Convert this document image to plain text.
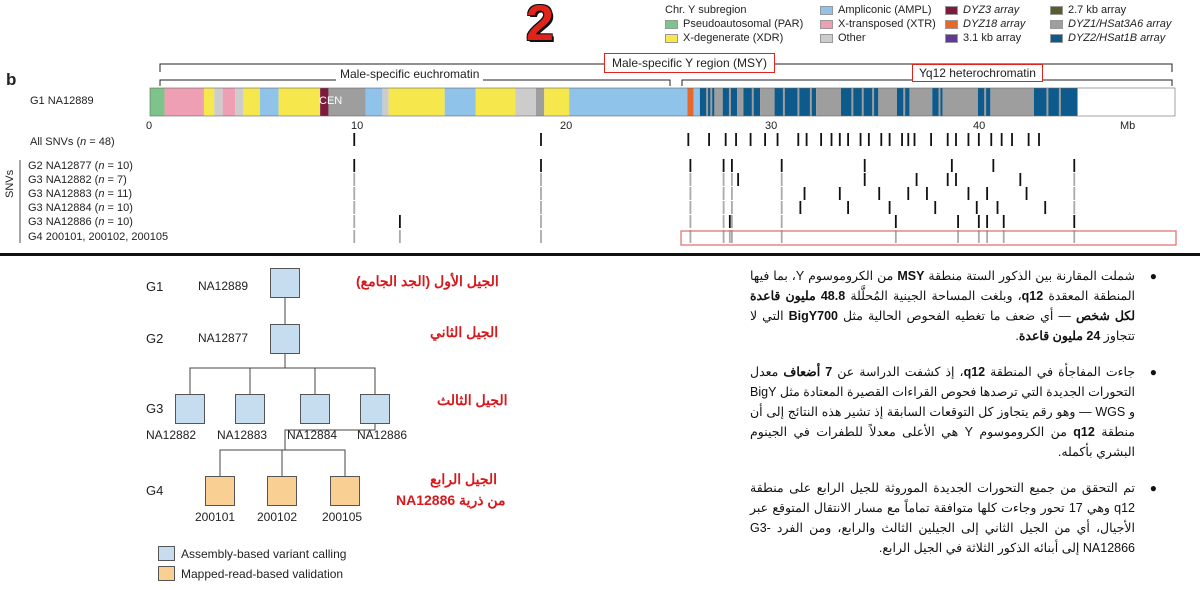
2	Chr. Y subregion
Pseudoautosomal (PAR)
X-degenerate (XDR)
Ampliconic (AMPL)
X-transposed (XTR)
Other
DYZ3 array
DYZ18 array
3.1 kb array
2.7 kb array
DYZ1/HSat3A6 array
DYZ2/HSat1B array
b
Male-specific Y region (MSY)
Male-specific euchromatin	Yq12 heterochromatin
G1 NA12889	CEN
0	10	20	30	40	Mb
All SNVs (n = 48)
G2 NA12877 (n = 10)
G3 NA12882 (n = 7)
G3 NA12883 (n = 11)
G3 NA12884 (n = 10)
G3 NA12886 (n = 10)
G4 200101, 200102, 200105
SNVs
G1
G2
G3
G4
NA12889
NA12877
NA12882 NA12883 NA12884 NA12886
200101 200102 200105
Assembly-based variant calling
Mapped-read-based validation
الجيل الأول (الجد الجامع)
الجيل الثاني
الجيل الثالث
الجيل الرابع
من ذرية NA12886
●
شملت المقارنة بين الذكور الستة منطقة MSY من الكروموسوم Y، بما فيها المنطقة المعقدة q12، وبلغت المساحة الجينية المُحلَّلة 48.8 مليون قاعدة لكل شخص — أي ضعف ما تغطيه الفحوص الحالية مثل BigY700 التي لا تتجاوز 24 مليون قاعدة.
●
جاءت المفاجأة في المنطقة q12، إذ كشفت الدراسة عن 7 أضعاف معدل التحورات الجديدة التي ترصدها فحوص القراءات القصيرة المعتادة مثل BigY و WGS — وهو رقم يتجاوز كل التوقعات السابقة إذ تشير هذه النتائج إلى أن منطقة q12 من الكروموسوم Y هي الأعلى معدلاً للطفرات في الجينوم البشري بأكمله.
●
تم التحقق من جميع التحورات الجديدة الموروثة للجيل الرابع على منطقة q12 وهي 17 تحور وجاءت كلها متوافقة تماماً مع مسار الانتقال المتوقع عبر الأجيال، أي من الجيل الثاني إلى الجيلين الثالث والرابع، ومن الفرد G3-NA12866 إلى أبنائه الذكور الثلاثة في الجيل الرابع.
